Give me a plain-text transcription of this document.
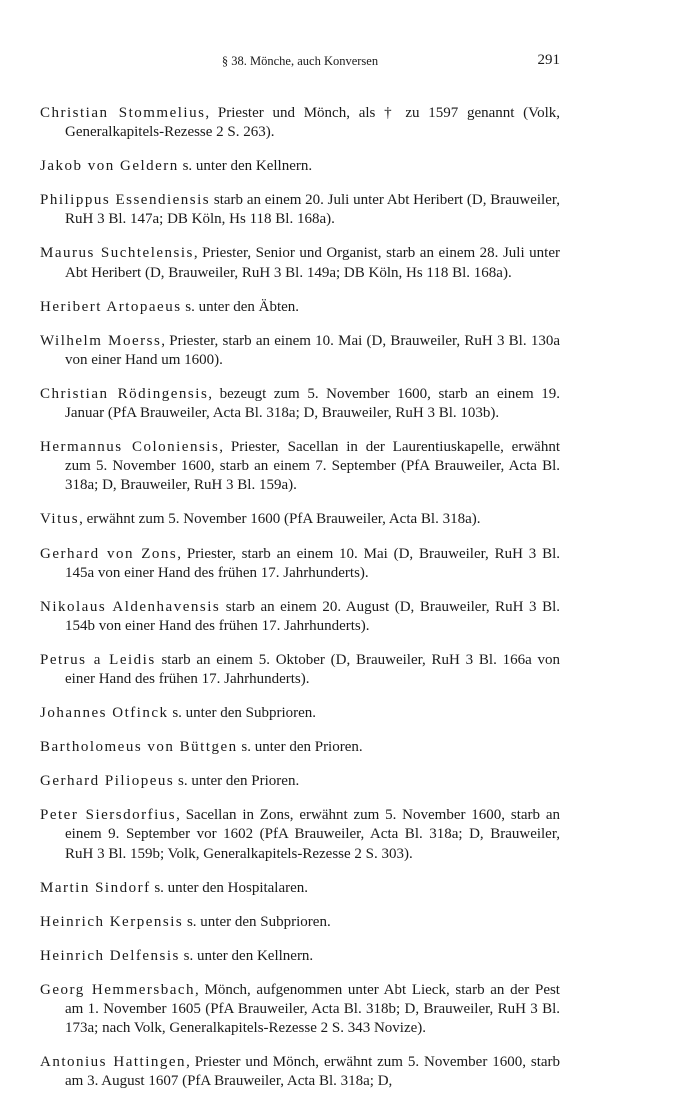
§ 38. Mönche, auch Konversen	291

Christian Stommelius, Priester und Mönch, als † zu 1597 genannt (Volk, Generalkapitels-Rezesse 2 S. 263).

Jakob von Geldern s. unter den Kellnern.

Philippus Essendiensis starb an einem 20. Juli unter Abt Heribert (D, Brauweiler, RuH 3 Bl. 147a; DB Köln, Hs 118 Bl. 168a).

Maurus Suchtelensis, Priester, Senior und Organist, starb an einem 28. Juli unter Abt Heribert (D, Brauweiler, RuH 3 Bl. 149a; DB Köln, Hs 118 Bl. 168a).

Heribert Artopaeus s. unter den Äbten.

Wilhelm Moerss, Priester, starb an einem 10. Mai (D, Brauweiler, RuH 3 Bl. 130a von einer Hand um 1600).

Christian Rödingensis, bezeugt zum 5. November 1600, starb an einem 19. Januar (PfA Brauweiler, Acta Bl. 318a; D, Brauweiler, RuH 3 Bl. 103b).

Hermannus Coloniensis, Priester, Sacellan in der Laurentiuskapelle, erwähnt zum 5. November 1600, starb an einem 7. September (PfA Brauweiler, Acta Bl. 318a; D, Brauweiler, RuH 3 Bl. 159a).

Vitus, erwähnt zum 5. November 1600 (PfA Brauweiler, Acta Bl. 318a).

Gerhard von Zons, Priester, starb an einem 10. Mai (D, Brauweiler, RuH 3 Bl. 145a von einer Hand des frühen 17. Jahrhunderts).

Nikolaus Aldenhavensis starb an einem 20. August (D, Brauweiler, RuH 3 Bl. 154b von einer Hand des frühen 17. Jahrhunderts).

Petrus a Leidis starb an einem 5. Oktober (D, Brauweiler, RuH 3 Bl. 166a von einer Hand des frühen 17. Jahrhunderts).

Johannes Otfinck s. unter den Subprioren.

Bartholomeus von Büttgen s. unter den Prioren.

Gerhard Piliopeus s. unter den Prioren.

Peter Siersdorfius, Sacellan in Zons, erwähnt zum 5. November 1600, starb an einem 9. September vor 1602 (PfA Brauweiler, Acta Bl. 318a; D, Brauweiler, RuH 3 Bl. 159b; Volk, Generalkapitels-Rezesse 2 S. 303).

Martin Sindorf s. unter den Hospitalaren.

Heinrich Kerpensis s. unter den Subprioren.

Heinrich Delfensis s. unter den Kellnern.

Georg Hemmersbach, Mönch, aufgenommen unter Abt Lieck, starb an der Pest am 1. November 1605 (PfA Brauweiler, Acta Bl. 318b; D, Brauweiler, RuH 3 Bl. 173a; nach Volk, Generalkapitels-Rezesse 2 S. 343 Novize).

Antonius Hattingen, Priester und Mönch, erwähnt zum 5. November 1600, starb am 3. August 1607 (PfA Brauweiler, Acta Bl. 318a; D,
